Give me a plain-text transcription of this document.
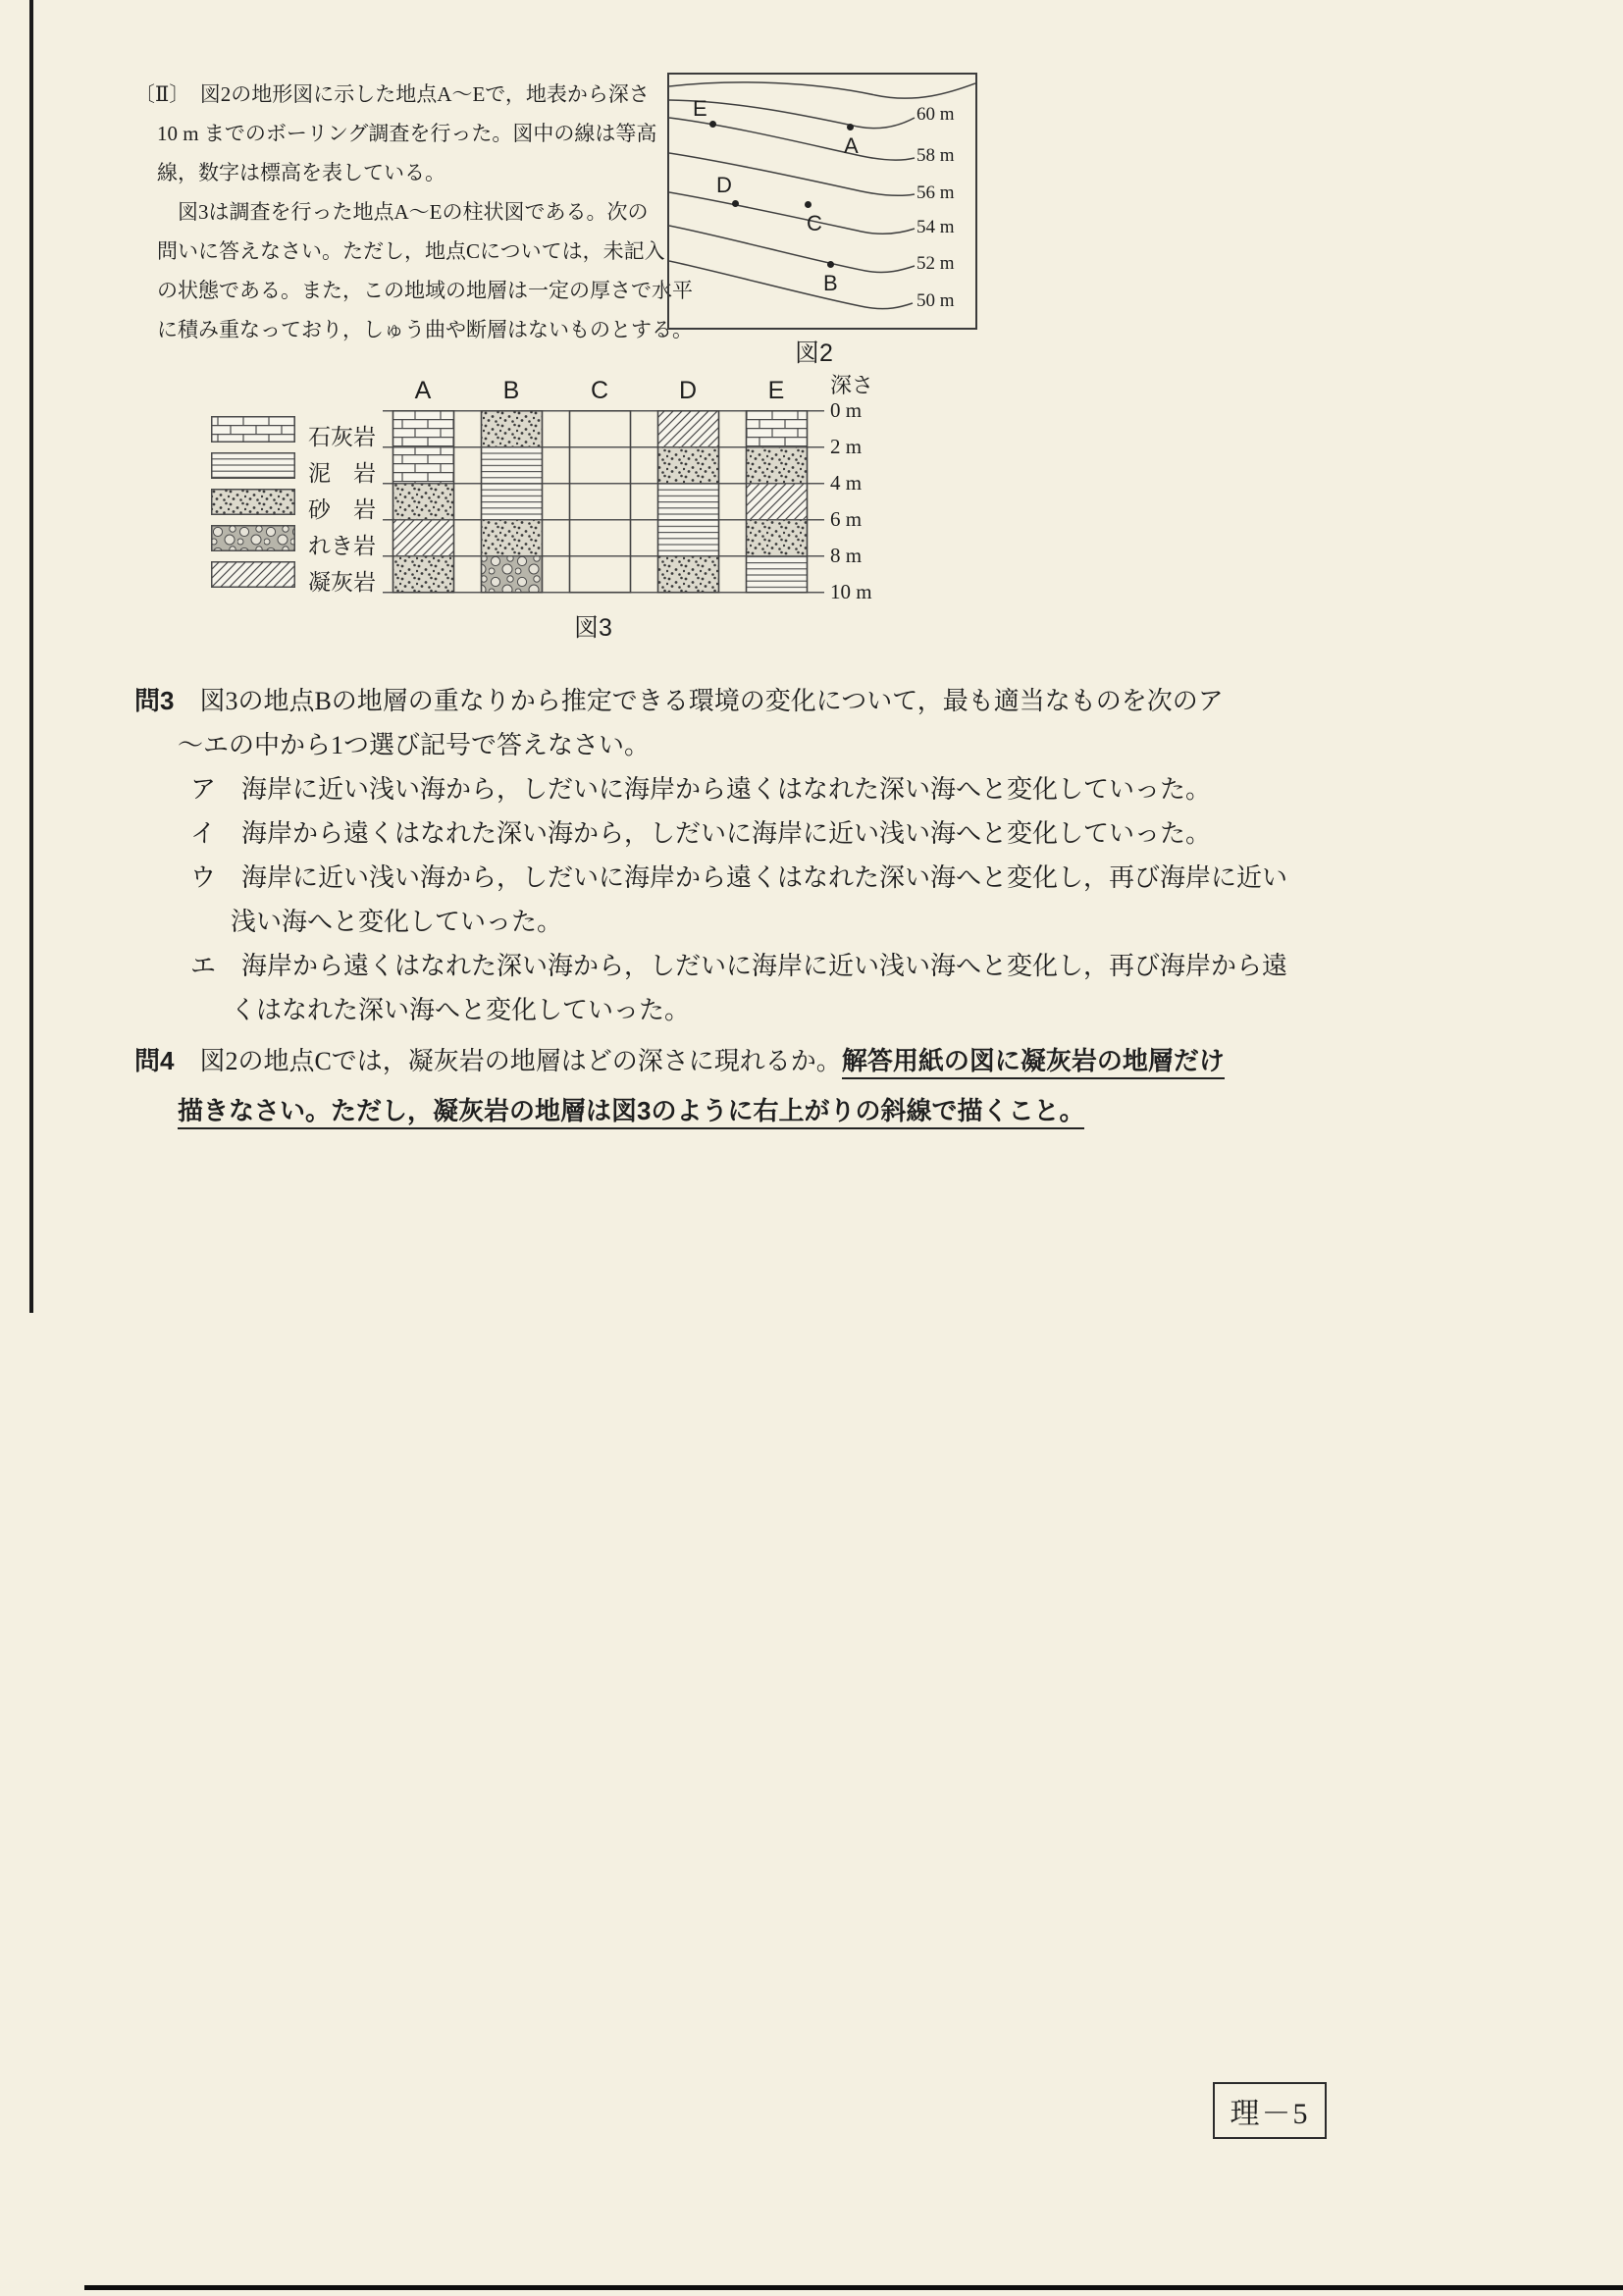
〔Ⅱ〕　図2の地形図に示した地点A〜Eで，地表から深さ
10 m までのボーリング調査を行った。図中の線は等高
線，数字は標高を表している。
　図3は調査を行った地点A〜Eの柱状図である。次の
問いに答えなさい。ただし，地点Cについては，未記入
の状態である。また，この地域の地層は一定の厚さで水平
に積み重なっており，しゅう曲や断層はないものとする。
60 m
58 m
56 m
54 m
52 m
50 m
E
A
D
C
B
図2
A	B	C	D	E	深さ
0 m
2 m
4 m
6 m
8 m
10 m
石灰岩
泥　岩
砂　岩
れき岩
凝灰岩
図3
問3　図3の地点Bの地層の重なりから推定できる環境の変化について，最も適当なものを次のア
〜エの中から1つ選び記号で答えなさい。
ア　海岸に近い浅い海から，しだいに海岸から遠くはなれた深い海へと変化していった。
イ　海岸から遠くはなれた深い海から，しだいに海岸に近い浅い海へと変化していった。
ウ　海岸に近い浅い海から，しだいに海岸から遠くはなれた深い海へと変化し，再び海岸に近い
浅い海へと変化していった。
エ　海岸から遠くはなれた深い海から，しだいに海岸に近い浅い海へと変化し，再び海岸から遠
くはなれた深い海へと変化していった。
問4　図2の地点Cでは，凝灰岩の地層はどの深さに現れるか。解答用紙の図に凝灰岩の地層だけ
描きなさい。ただし，凝灰岩の地層は図3のように右上がりの斜線で描くこと。
理－5
